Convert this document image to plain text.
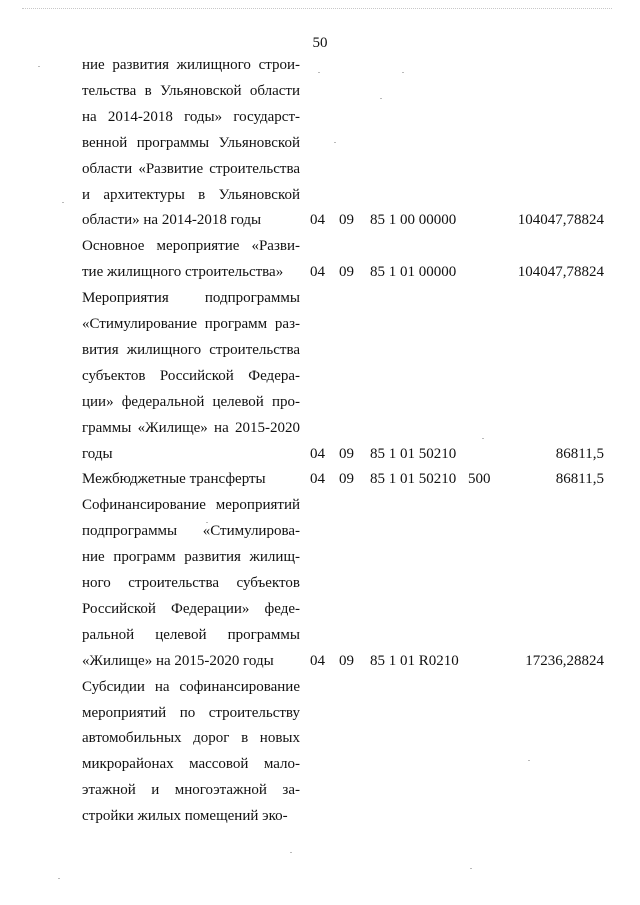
50
ние развития жилищного строи-
тельства в Ульяновской области
на 2014-2018 годы» государст-
венной программы Ульяновской
области «Развитие строительства
и архитектуры в Ульяновской
области» на 2014-2018 годы	04 09 85 1 00 00000	104047,78824
Основное мероприятие «Разви-
тие жилищного строительства»	04 09 85 1 01 00000	104047,78824
Мероприятия подпрограммы
«Стимулирование программ раз-
вития жилищного строительства
субъектов Российской Федера-
ции» федеральной целевой про-
граммы «Жилище» на 2015-2020
годы	04 09 85 1 01 50210	86811,5
Межбюджетные трансферты	04 09 85 1 01 50210 500	86811,5
Софинансирование мероприятий
подпрограммы «Стимулирова-
ние программ развития жилищ-
ного строительства субъектов
Российской Федерации» феде-
ральной целевой программы
«Жилище» на 2015-2020 годы	04 09 85 1 01 R0210	17236,28824
Субсидии на софинансирование
мероприятий по строительству
автомобильных дорог в новых
микрорайонах массовой мало-
этажной и многоэтажной за-
стройки жилых помещений эко-
